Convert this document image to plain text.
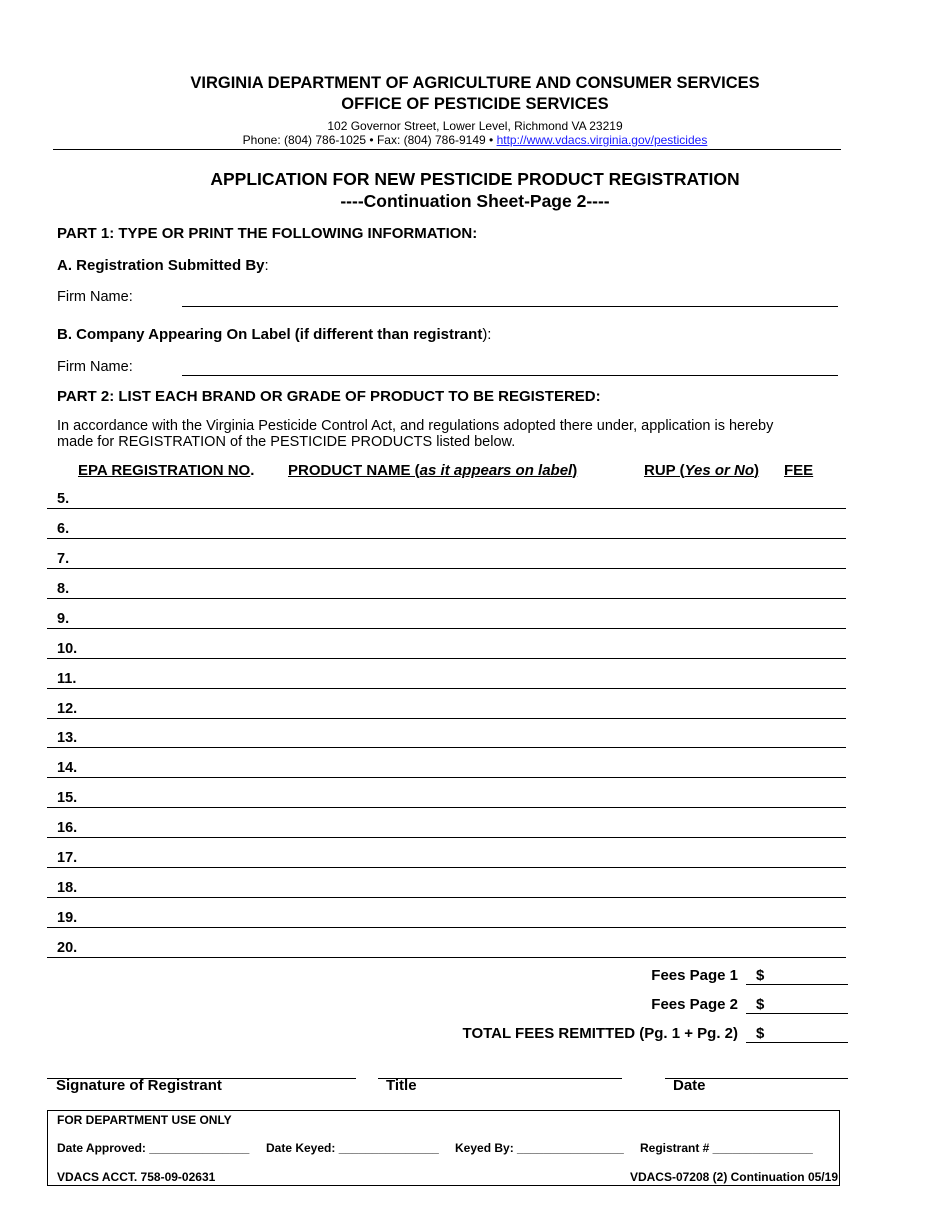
VIRGINIA DEPARTMENT OF AGRICULTURE AND CONSUMER SERVICES
OFFICE OF PESTICIDE SERVICES
102 Governor Street, Lower Level, Richmond VA 23219
Phone: (804) 786-1025 • Fax: (804) 786-9149 • http://www.vdacs.virginia.gov/pesticides
APPLICATION FOR NEW PESTICIDE PRODUCT REGISTRATION
----Continuation Sheet-Page 2----
PART 1: TYPE OR PRINT THE FOLLOWING INFORMATION:
A. Registration Submitted By:
Firm Name:
B. Company Appearing On Label (if different than registrant):
Firm Name:
PART 2: LIST EACH BRAND OR GRADE OF PRODUCT TO BE REGISTERED:
In accordance with the Virginia Pesticide Control Act, and regulations adopted there under, application is hereby
made for REGISTRATION of the PESTICIDE PRODUCTS listed below.
EPA REGISTRATION NO. PRODUCT NAME (as it appears on label)	RUP (Yes or No) FEE
5.
6.
7.
8.
9.
10.
11.
12.
13.
14.
15.
16.
17.
18.
19.
20.
Fees Page 1	$
Fees Page 2	$
TOTAL FEES REMITTED (Pg. 1 + Pg. 2)	$
Signature of Registrant	Title	Date
FOR DEPARTMENT USE ONLY
Date Approved: _______________ Date Keyed: _______________ Keyed By: ________________ Registrant # _______________
VDACS ACCT. 758-09-02631	VDACS-07208 (2) Continuation 05/19
